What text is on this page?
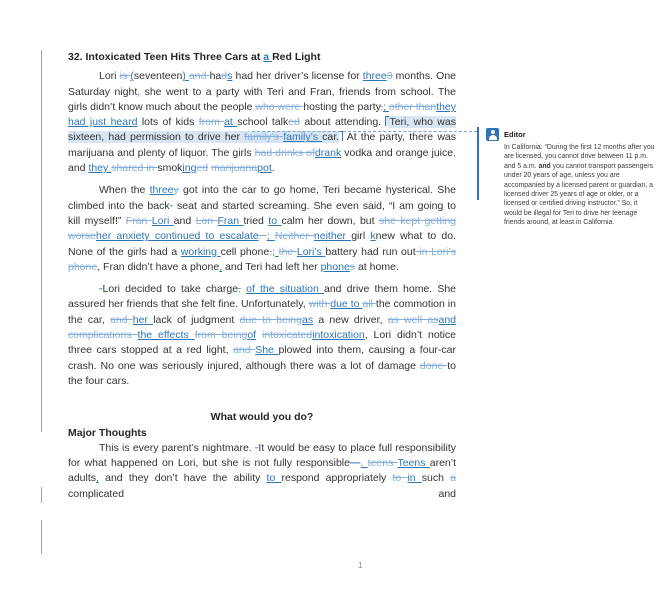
32. Intoxicated Teen Hits Three Cars at a Red Light

Lori is (seventeen) and hads had her driver’s license for three3 months. One Saturday night, she went to a party with Teri and Fran, friends from school. The girls didn’t know much about the people who were hosting the party,; other thanthey had just heard lots of kids from at school talked about attending. Teri, who was sixteen, had permission to drive her family’s family’s car. At the party, there was marijuana and plenty of liquor. The girls had drinks ofdrank vodka and orange juice, and they shared in smokinged marijuanapot.

When the threey got into the car to go home, Teri became hysterical. She climbed into the back- seat and started screaming. She even said, “I am going to kill myself!” Fran Lori and Lori Fran tried to calm her down, but she kept getting worseher anxiety continued to escalate. ; Neither neither girl knew what to do. None of the girls had a working cell phone,; the Lori’s battery had run out in Lori’s phone, Fran didn’t have a phone, and Teri had left her phones at home.

-Lori decided to take charge, of the situation and drive them home. She assured her friends that she felt fine. Unfortunately, with due to all the commotion in the car, and her lack of judgment due to beingas a new driver, as well asand complications the effects from beingof intoxicatedintoxication, Lori didn’t notice three cars stopped at a red light, and She plowed into them, causing a four-car crash. No one was seriously injured, although there was a lot of damage done to the four cars.

What would you do?

Major Thoughts

This is every parent’s nightmare. -It would be easy to place full responsibility for what happened on Lori, but she is not fully responsible—. teens Teens aren’t adults, and they don’t have the ability to respond appropriately to in such a complicated and

Editor
In California: “During the first 12 months after you are licensed, you cannot drive between 11 p.m. and 5 a.m. and you cannot transport passengers under 20 years of age, unless you are accompanied by a licensed parent or guardian, a licensed driver 25 years of age or older, or a licensed or certified driving instructor.” So, it would be illegal for Teri to drive her teenage friends around, at least in California.
1
